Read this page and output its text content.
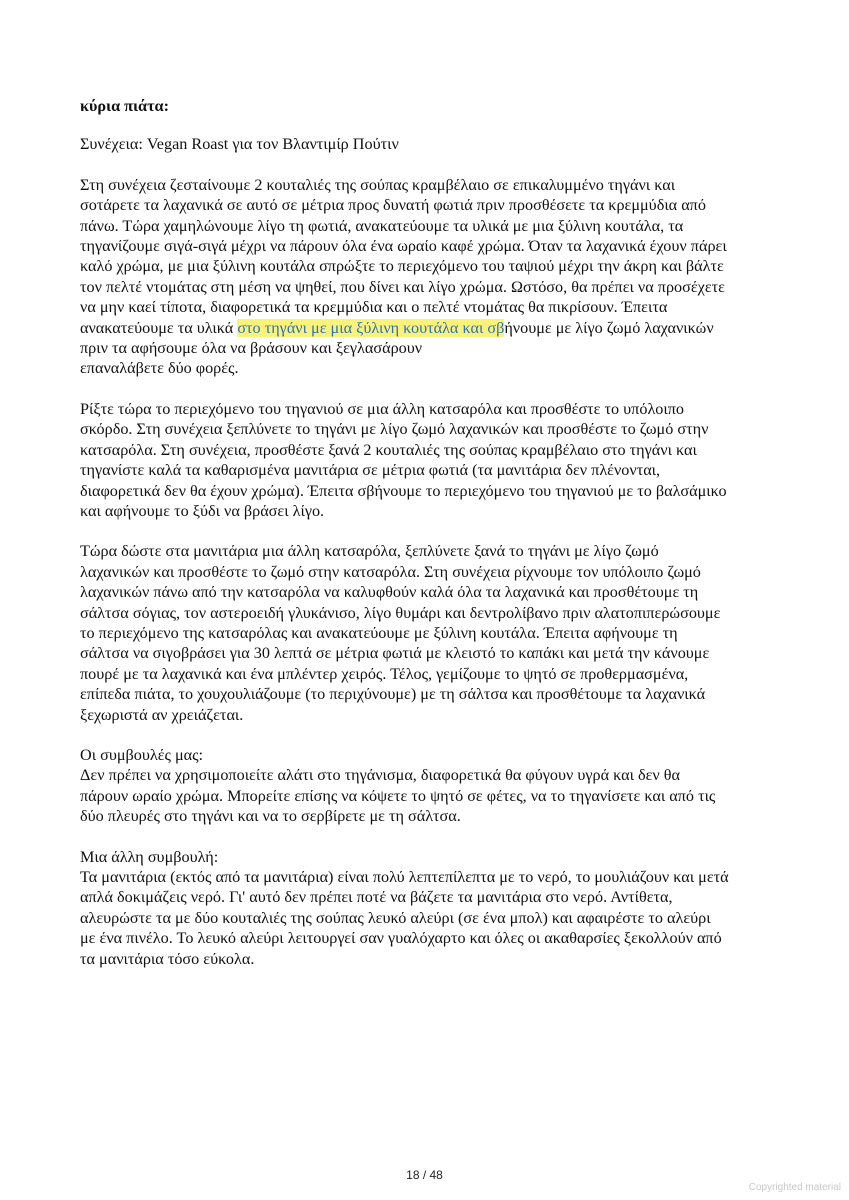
κύρια πιάτα:
Συνέχεια: Vegan Roast για τον Βλαντιμίρ Πούτιν
Στη συνέχεια ζεσταίνουμε 2 κουταλιές της σούπας κραμβέλαιο σε επικαλυμμένο τηγάνι και
σοτάρετε τα λαχανικά σε αυτό σε μέτρια προς δυνατή φωτιά πριν προσθέσετε τα κρεμμύδια από
πάνω. Τώρα χαμηλώνουμε λίγο τη φωτιά, ανακατεύουμε τα υλικά με μια ξύλινη κουτάλα, τα
τηγανίζουμε σιγά-σιγά μέχρι να πάρουν όλα ένα ωραίο καφέ χρώμα. Όταν τα λαχανικά έχουν πάρει
καλό χρώμα, με μια ξύλινη κουτάλα σπρώξτε το περιεχόμενο του ταψιού μέχρι την άκρη και βάλτε
τον πελτέ ντομάτας στη μέση να ψηθεί, που δίνει και λίγο χρώμα. Ωστόσο, θα πρέπει να προσέχετε
να μην καεί τίποτα, διαφορετικά τα κρεμμύδια και ο πελτέ ντομάτας θα πικρίσουν. Έπειτα
ανακατεύουμε τα υλικά στο τηγάνι με μια ξύλινη κουτάλα και σβήνουμε με λίγο ζωμό λαχανικών
πριν τα αφήσουμε όλα να βράσουν και ξεγλασάρουν
επαναλάβετε δύο φορές.
Ρίξτε τώρα το περιεχόμενο του τηγανιού σε μια άλλη κατσαρόλα και προσθέστε το υπόλοιπο
σκόρδο. Στη συνέχεια ξεπλύνετε το τηγάνι με λίγο ζωμό λαχανικών και προσθέστε το ζωμό στην
κατσαρόλα. Στη συνέχεια, προσθέστε ξανά 2 κουταλιές της σούπας κραμβέλαιο στο τηγάνι και
τηγανίστε καλά τα καθαρισμένα μανιτάρια σε μέτρια φωτιά (τα μανιτάρια δεν πλένονται,
διαφορετικά δεν θα έχουν χρώμα). Έπειτα σβήνουμε το περιεχόμενο του τηγανιού με το βαλσάμικο
και αφήνουμε το ξύδι να βράσει λίγο.
Τώρα δώστε στα μανιτάρια μια άλλη κατσαρόλα, ξεπλύνετε ξανά το τηγάνι με λίγο ζωμό
λαχανικών και προσθέστε το ζωμό στην κατσαρόλα. Στη συνέχεια ρίχνουμε τον υπόλοιπο ζωμό
λαχανικών πάνω από την κατσαρόλα να καλυφθούν καλά όλα τα λαχανικά και προσθέτουμε τη
σάλτσα σόγιας, τον αστεροειδή γλυκάνισο, λίγο θυμάρι και δεντρολίβανο πριν αλατοπιπερώσουμε
το περιεχόμενο της κατσαρόλας και ανακατεύουμε με ξύλινη κουτάλα. Έπειτα αφήνουμε τη
σάλτσα να σιγοβράσει για 30 λεπτά σε μέτρια φωτιά με κλειστό το καπάκι και μετά την κάνουμε
πουρέ με τα λαχανικά και ένα μπλέντερ χειρός. Τέλος, γεμίζουμε το ψητό σε προθερμασμένα,
επίπεδα πιάτα, το χουχουλιάζουμε (το περιχύνουμε) με τη σάλτσα και προσθέτουμε τα λαχανικά
ξεχωριστά αν χρειάζεται.
Οι συμβουλές μας:
Δεν πρέπει να χρησιμοποιείτε αλάτι στο τηγάνισμα, διαφορετικά θα φύγουν υγρά και δεν θα
πάρουν ωραίο χρώμα. Μπορείτε επίσης να κόψετε το ψητό σε φέτες, να το τηγανίσετε και από τις
δύο πλευρές στο τηγάνι και να το σερβίρετε με τη σάλτσα.
Μια άλλη συμβουλή:
Τα μανιτάρια (εκτός από τα μανιτάρια) είναι πολύ λεπτεπίλεπτα με το νερό, το μουλιάζουν και μετά
απλά δοκιμάζεις νερό. Γι' αυτό δεν πρέπει ποτέ να βάζετε τα μανιτάρια στο νερό. Αντίθετα,
αλευρώστε τα με δύο κουταλιές της σούπας λευκό αλεύρι (σε ένα μπολ) και αφαιρέστε το αλεύρι
με ένα πινέλο. Το λευκό αλεύρι λειτουργεί σαν γυαλόχαρτο και όλες οι ακαθαρσίες ξεκολλούν από
τα μανιτάρια τόσο εύκολα.
18 / 48
Copyrighted material
